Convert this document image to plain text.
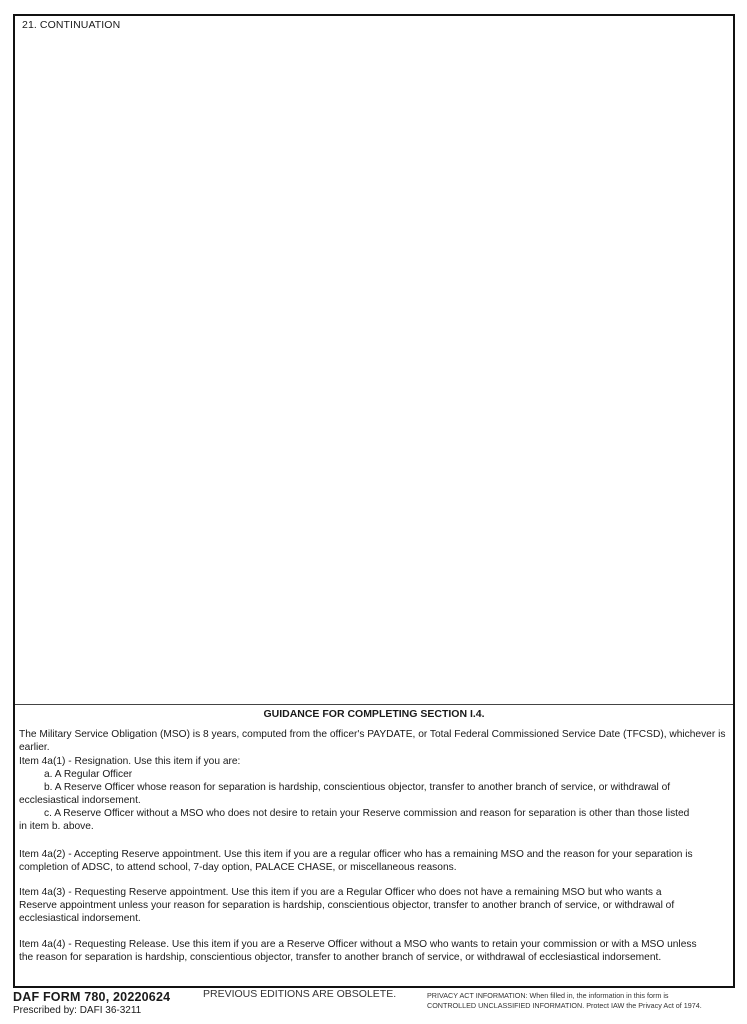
21. CONTINUATION
GUIDANCE FOR COMPLETING SECTION I.4.
The Military Service Obligation (MSO) is 8 years, computed from the officer's PAYDATE, or Total Federal Commissioned Service Date (TFCSD), whichever is earlier.
Item 4a(1) - Resignation. Use this item if you are:
a. A Regular Officer
b. A Reserve Officer whose reason for separation is hardship, conscientious objector, transfer to another branch of service, or withdrawal of
ecclesiastical indorsement.
c. A Reserve Officer without a MSO who does not desire to retain your Reserve commission and reason for separation is other than those listed
in item b. above.
Item 4a(2) - Accepting Reserve appointment. Use this item if you are a regular officer who has a remaining MSO and the reason for your separation is
completion of ADSC, to attend school, 7-day option, PALACE CHASE, or miscellaneous reasons.
Item 4a(3) - Requesting Reserve appointment. Use this item if you are a Regular Officer who does not have a remaining MSO but who wants a
Reserve appointment unless your reason for separation is hardship, conscientious objector, transfer to another branch of service, or withdrawal of
ecclesiastical indorsement.
Item 4a(4) - Requesting Release. Use this item if you are a Reserve Officer without a MSO who wants to retain your commission or with a MSO unless
the reason for separation is hardship, conscientious objector, transfer to another branch of service, or withdrawal of ecclesiastical indorsement.
DAF FORM 780, 20220624
Prescribed by: DAFI 36-3211
PREVIOUS EDITIONS ARE OBSOLETE.	PRIVACY ACT INFORMATION: When filled in, the information in this form is
CONTROLLED UNCLASSIFIED INFORMATION. Protect IAW the Privacy Act of 1974.
